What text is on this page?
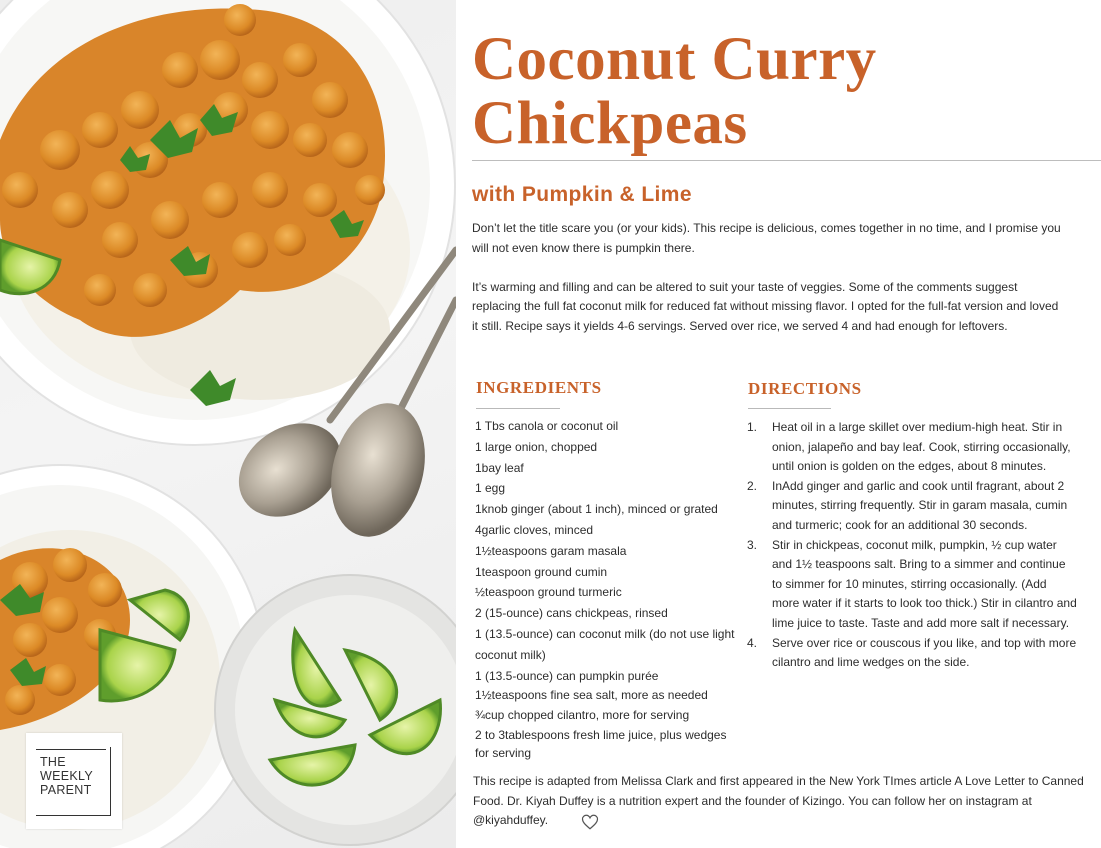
THE
WEEKLY
PARENT
Coconut Curry
Chickpeas
with Pumpkin & Lime

Don’t let the title scare you (or your kids). This recipe is delicious, comes together in no time, and I promise you will not even know there is pumpkin there.

It’s warming and filling and can be altered to suit your taste of veggies. Some of the comments suggest replacing the full fat coconut milk for reduced fat without missing flavor. I opted for the full-fat version and loved it still. Recipe says it yields 4-6 servings. Served over rice, we served 4 and had enough for leftovers.

INGREDIENTS
1 Tbs canola or coconut oil
1 large onion, chopped
1bay leaf
1 egg
1knob ginger (about 1 inch), minced or grated
4garlic cloves, minced
1½teaspoons garam masala
1teaspoon ground cumin
½teaspoon ground turmeric
2 (15-ounce) cans chickpeas, rinsed
1 (13.5-ounce) can coconut milk (do not use light coconut milk)
1 (13.5-ounce) can pumpkin purée
1½teaspoons fine sea salt, more as needed
¾cup chopped cilantro, more for serving
2 to 3tablespoons fresh lime juice, plus wedges for serving
DIRECTIONS
1. Heat oil in a large skillet over medium-high heat. Stir in onion, jalapeño and bay leaf. Cook, stirring occasionally, until onion is golden on the edges, about 8 minutes.
2. InAdd ginger and garlic and cook until fragrant, about 2 minutes, stirring frequently. Stir in garam masala, cumin and turmeric; cook for an additional 30 seconds.
3. Stir in chickpeas, coconut milk, pumpkin, ½ cup water and 1½ teaspoons salt. Bring to a simmer and continue to simmer for 10 minutes, stirring occasionally. (Add more water if it starts to look too thick.) Stir in cilantro and lime juice to taste. Taste and add more salt if necessary.
4. Serve over rice or couscous if you like, and top with more cilantro and lime wedges on the side.

This recipe is adapted from Melissa Clark and first appeared in the New York TImes article A Love Letter to Canned Food. Dr. Kiyah Duffey is a nutrition expert and the founder of Kizingo. You can follow her on instagram at @kiyahduffey.
